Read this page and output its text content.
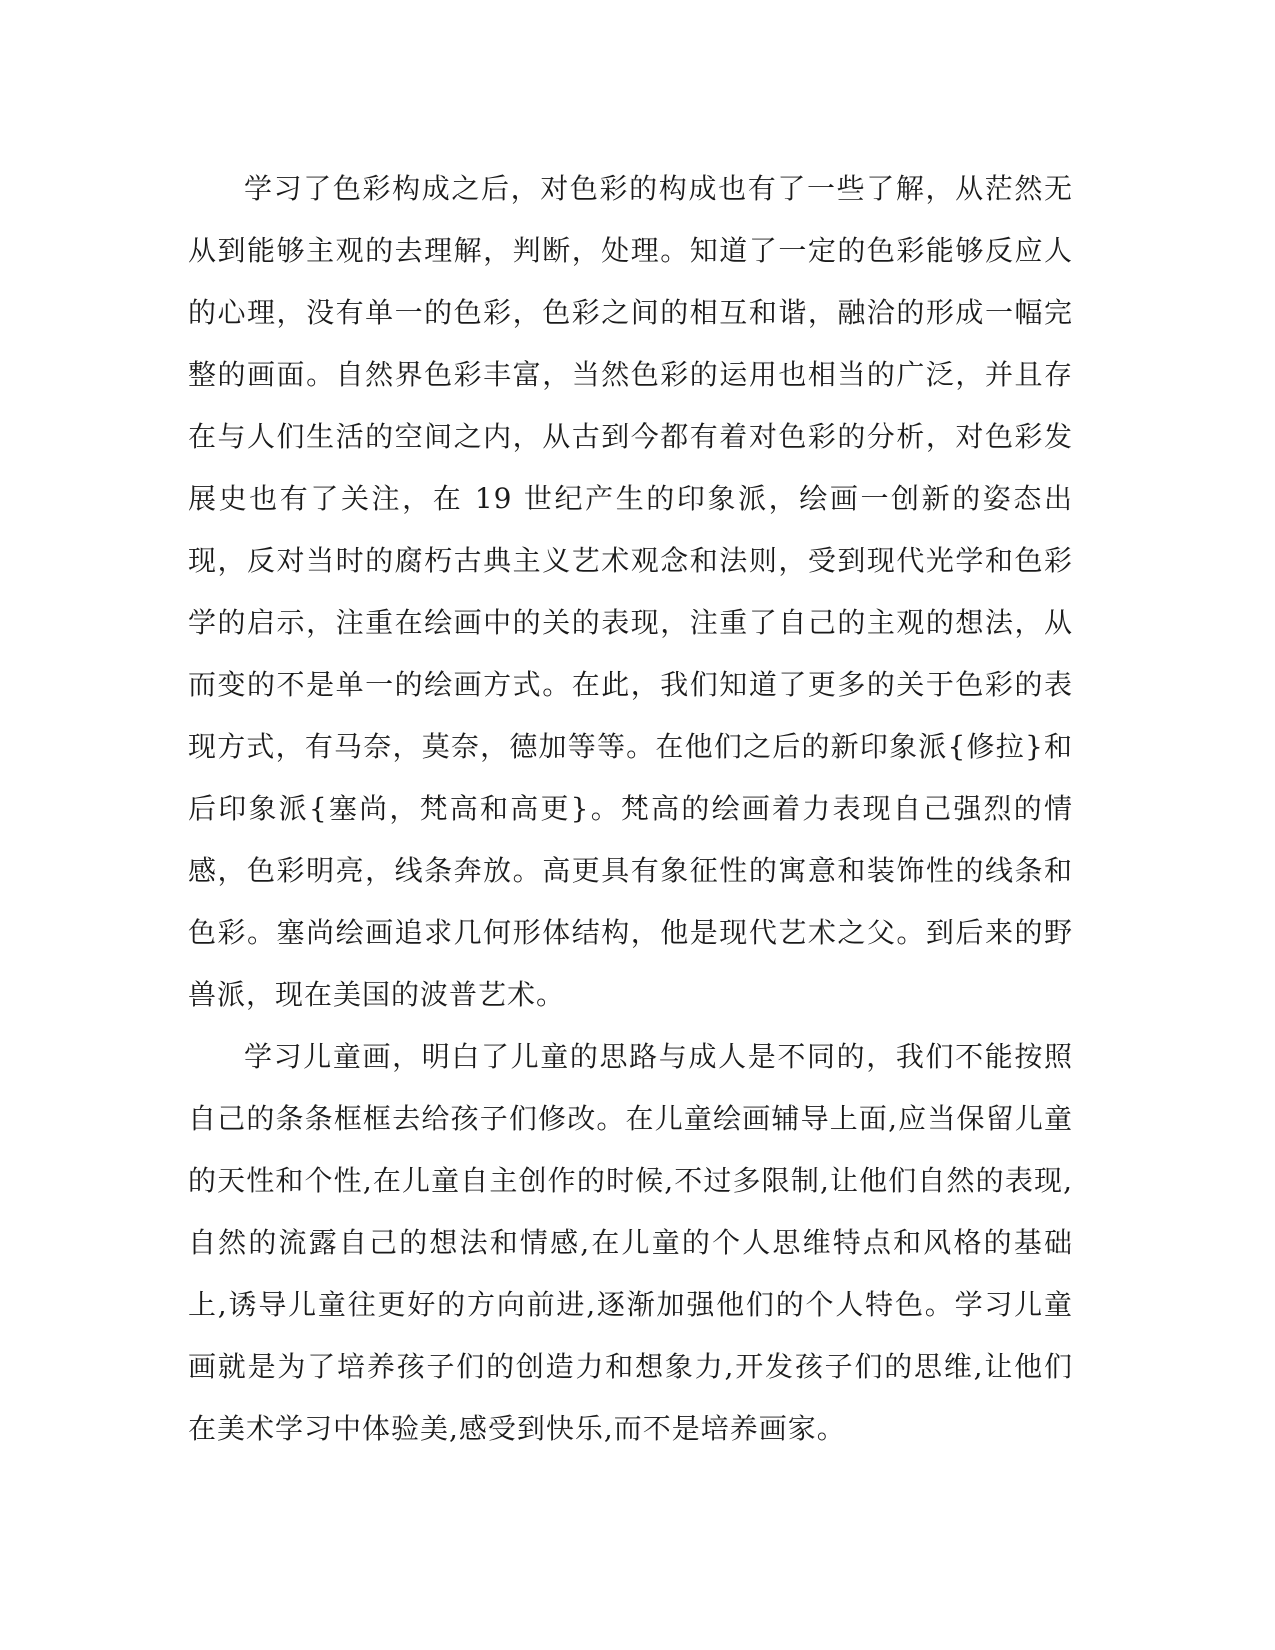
学习了色彩构成之后，对色彩的构成也有了一些了解，从茫然无从到能够主观的去理解，判断，处理。知道了一定的色彩能够反应人的心理，没有单一的色彩，色彩之间的相互和谐，融洽的形成一幅完整的画面。自然界色彩丰富，当然色彩的运用也相当的广泛，并且存在与人们生活的空间之内，从古到今都有着对色彩的分析，对色彩发展史也有了关注，在 19 世纪产生的印象派，绘画一创新的姿态出现，反对当时的腐朽古典主义艺术观念和法则，受到现代光学和色彩学的启示，注重在绘画中的关的表现，注重了自己的主观的想法，从而变的不是单一的绘画方式。在此，我们知道了更多的关于色彩的表现方式，有马奈，莫奈，德加等等。在他们之后的新印象派{修拉}和后印象派{塞尚，梵高和高更}。梵高的绘画着力表现自己强烈的情感，色彩明亮，线条奔放。高更具有象征性的寓意和装饰性的线条和色彩。塞尚绘画追求几何形体结构，他是现代艺术之父。到后来的野兽派，现在美国的波普艺术。

学习儿童画，明白了儿童的思路与成人是不同的，我们不能按照自己的条条框框去给孩子们修改。在儿童绘画辅导上面,应当保留儿童的天性和个性,在儿童自主创作的时候,不过多限制,让他们自然的表现,自然的流露自己的想法和情感,在儿童的个人思维特点和风格的基础上,诱导儿童往更好的方向前进,逐渐加强他们的个人特色。学习儿童画就是为了培养孩子们的创造力和想象力,开发孩子们的思维,让他们在美术学习中体验美,感受到快乐,而不是培养画家。
